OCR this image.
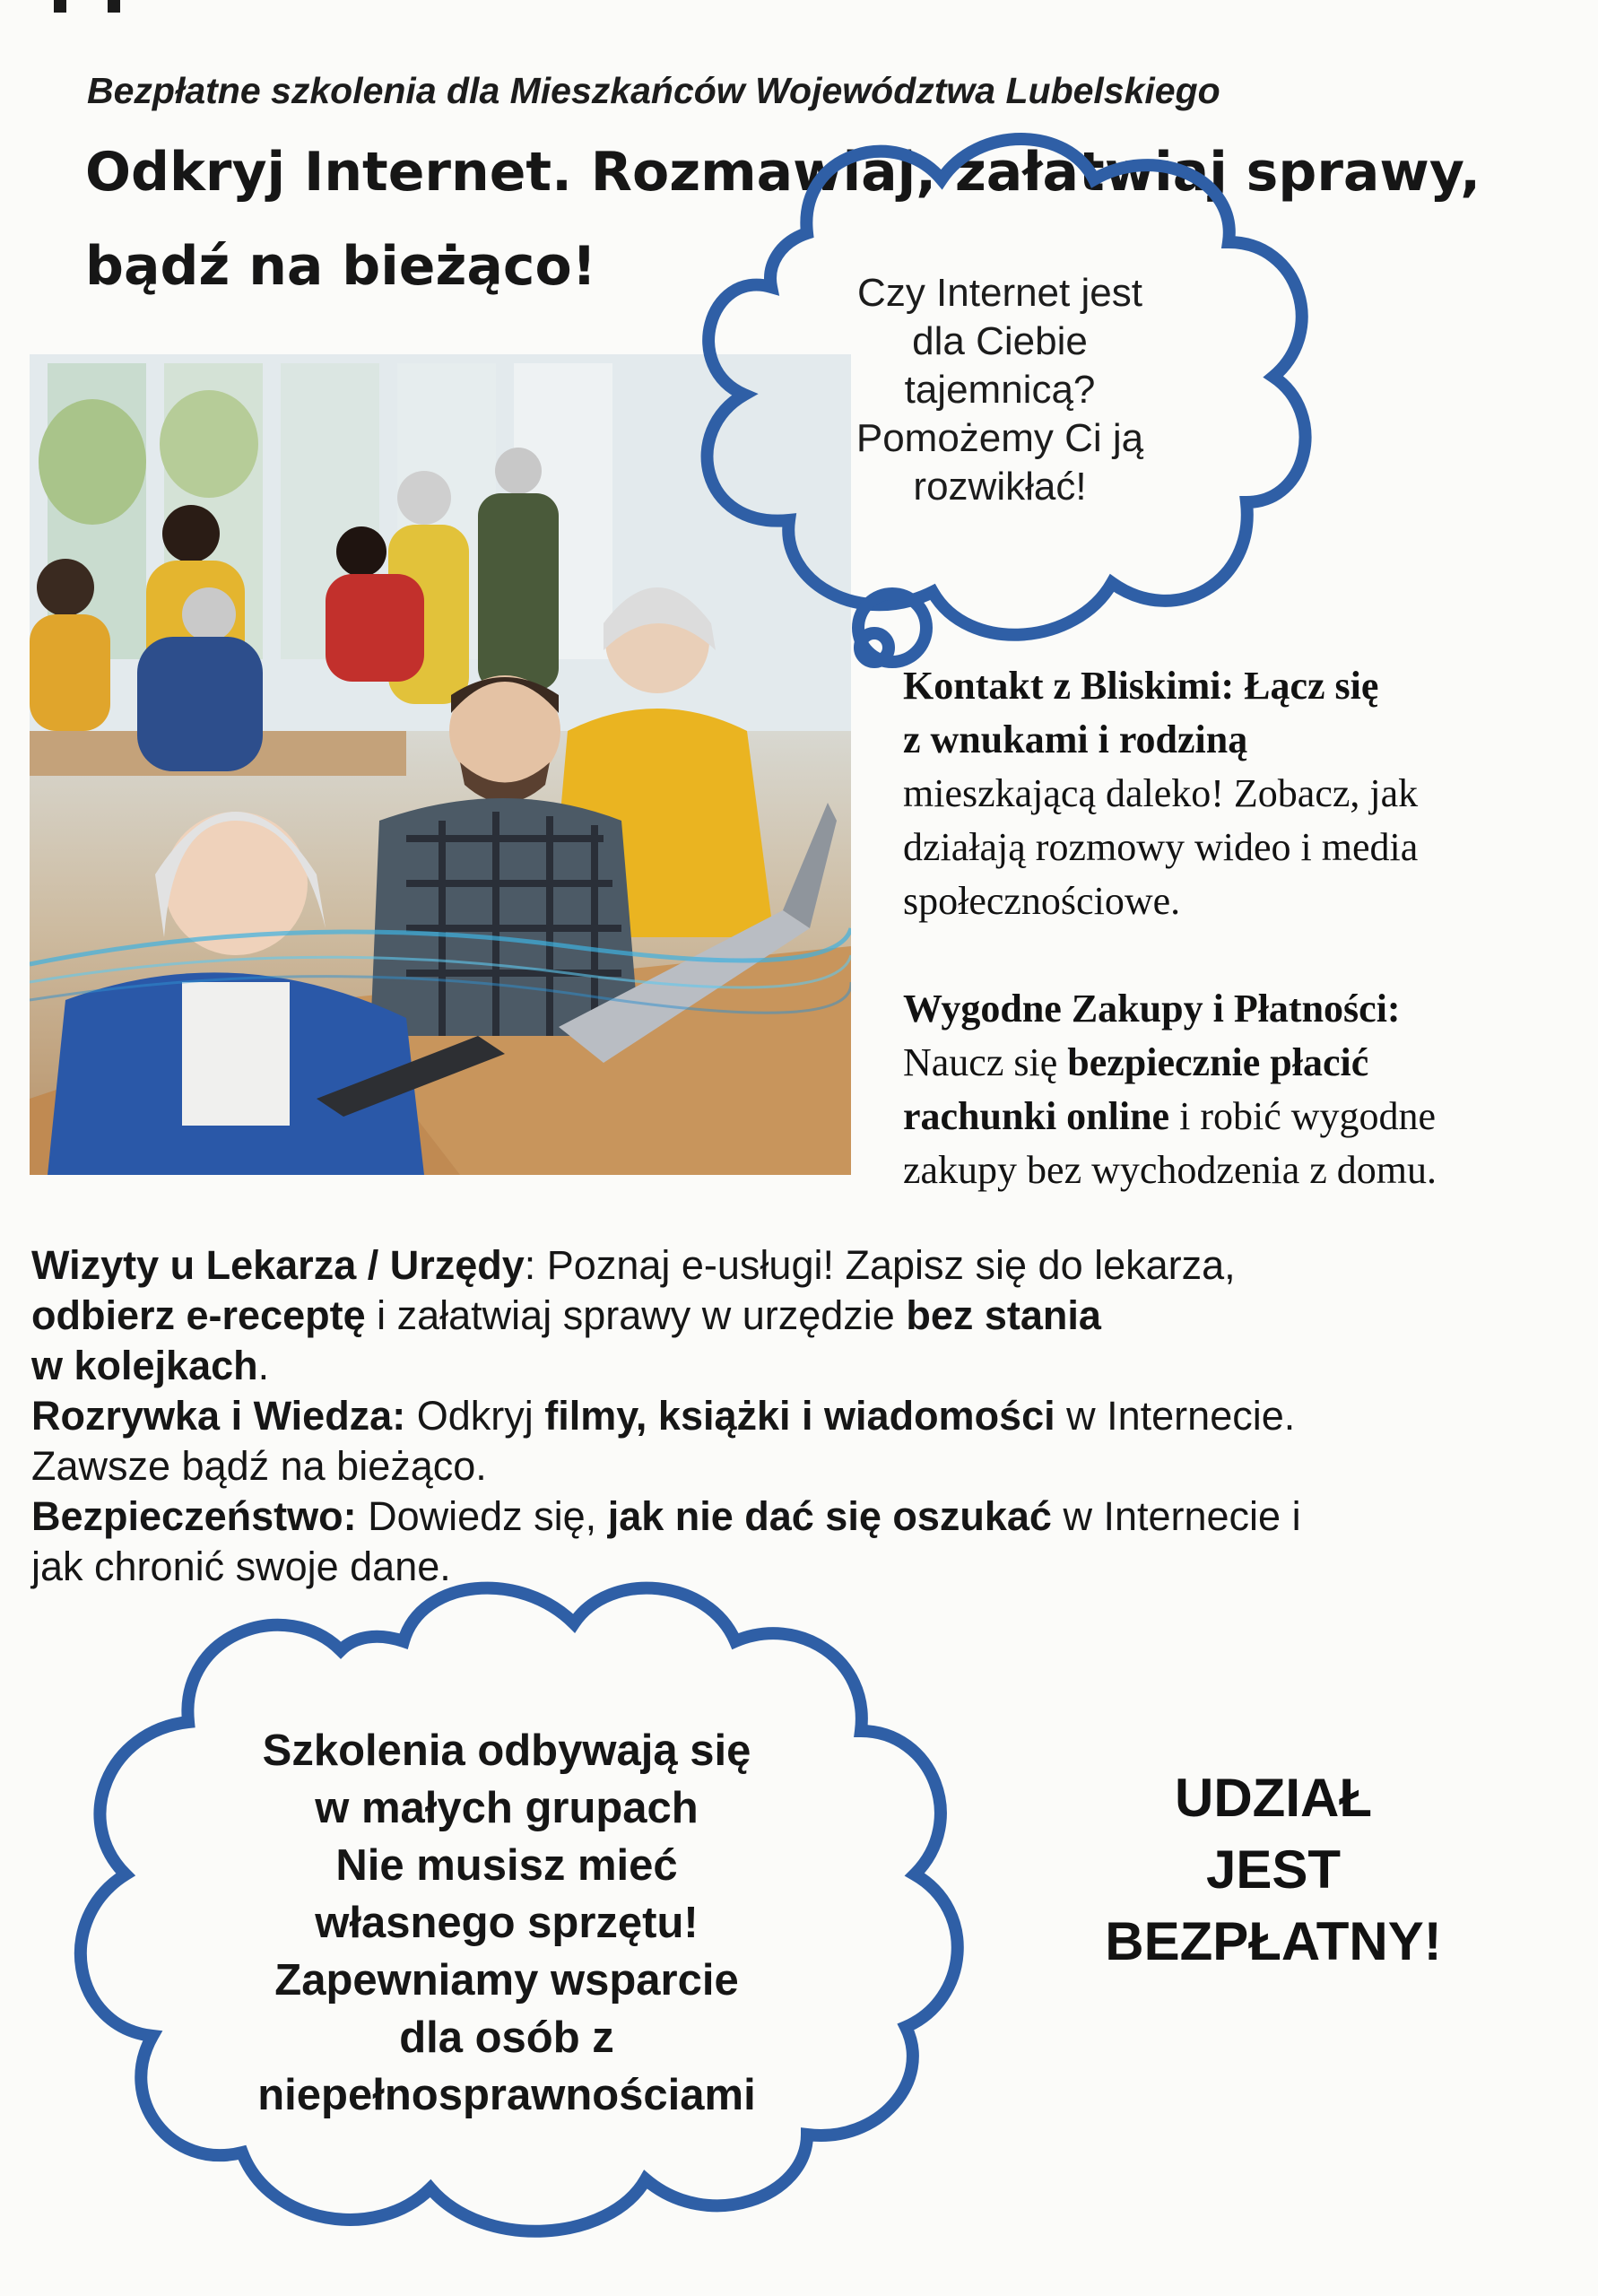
Bezpłatne szkolenia dla Mieszkańców Województwa Lubelskiego
Odkryj Internet. Rozmawiaj, załatwiaj sprawy,
bądź na bieżąco!	Czy Internet jest
dla Ciebie
tajemnicą?
Pomożemy Ci ją
rozwikłać!
Kontakt z Bliskimi: Łącz się
z wnukami i rodziną
mieszkającą daleko! Zobacz, jak
działają rozmowy wideo i media
społecznościowe.
Wygodne Zakupy i Płatności:
Naucz się bezpiecznie płacić
rachunki online i robić wygodne
zakupy bez wychodzenia z domu.
Wizyty u Lekarza / Urzędy: Poznaj e-usługi! Zapisz się do lekarza,
odbierz e-receptę i załatwiaj sprawy w urzędzie bez stania
w kolejkach.
Rozrywka i Wiedza: Odkryj filmy, książki i wiadomości w Internecie.
Zawsze bądź na bieżąco.
Bezpieczeństwo: Dowiedz się, jak nie dać się oszukać w Internecie i
jak chronić swoje dane.
Szkolenia odbywają się
w małych grupach
Nie musisz mieć
własnego sprzętu!
Zapewniamy wsparcie
dla osób z
niepełnosprawnościami
UDZIAŁ
JEST
BEZPŁATNY!
